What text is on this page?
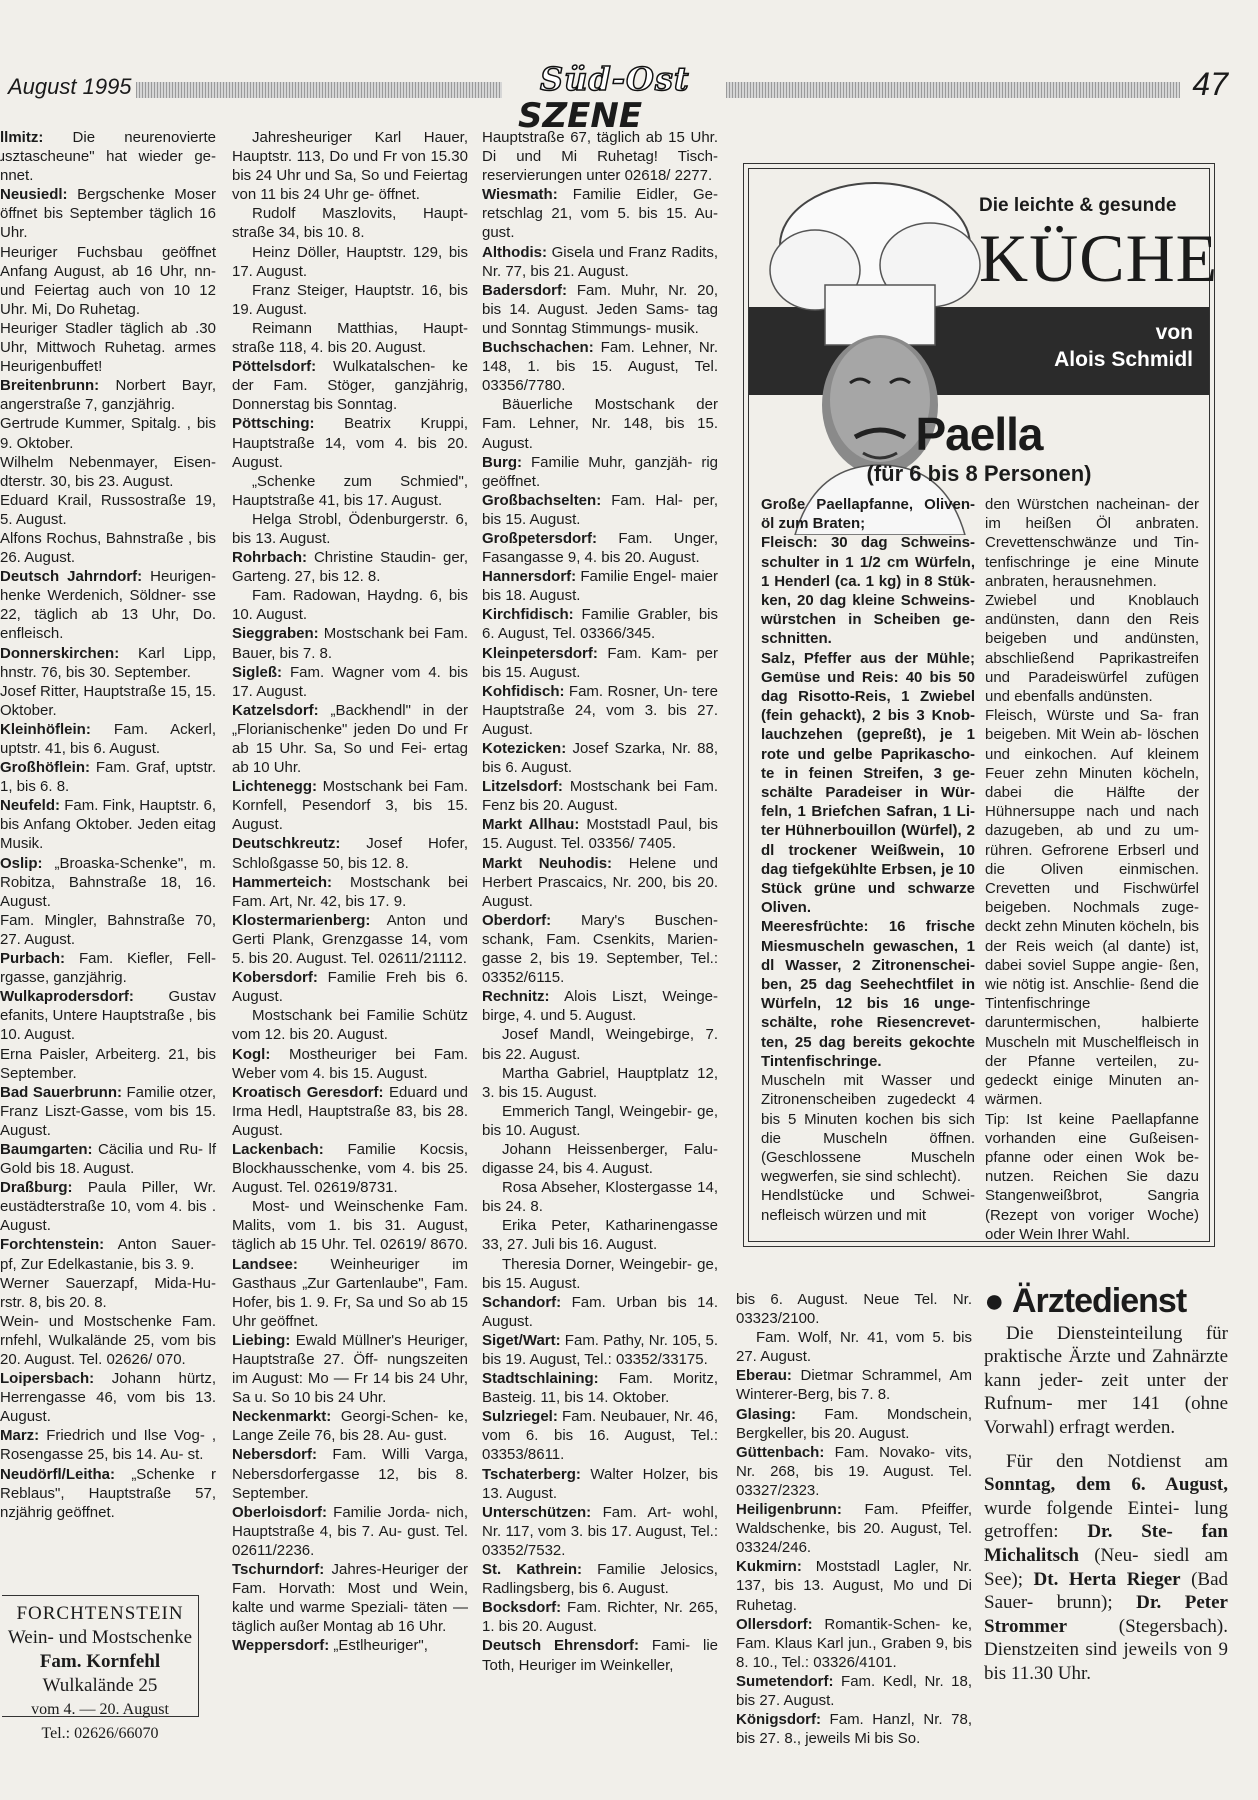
August 1995	47
Süd-Ost
SZENE

llmitz: Die neurenovierte ɹsztascheune" hat wieder ge- nnet.

Neusiedl: Bergschenke Moser öffnet bis September täglich 16 Uhr.

Heuriger Fuchsbau geöffnet Anfang August, ab 16 Uhr, nn- und Feiertag auch von 10 12 Uhr. Mi, Do Ruhetag.

Heuriger Stadler täglich ab .30 Uhr, Mittwoch Ruhetag. armes Heurigenbuffet!

Breitenbrunn: Norbert Bayr, angerstraße 7, ganzjährig.

Gertrude Kummer, Spitalg. , bis 9. Oktober.

Wilhelm Nebenmayer, Eisen- dterstr. 30, bis 23. August.

Eduard Krail, Russostraße 19, 5. August.

Alfons Rochus, Bahnstraße , bis 26. August.

Deutsch Jahrndorf: Heurigen- henke Werdenich, Söldner- sse 22, täglich ab 13 Uhr, Do. enfleisch.

Donnerskirchen: Karl Lipp, hnstr. 76, bis 30. September.

Josef Ritter, Hauptstraße 15, 15. Oktober.

Kleinhöflein: Fam. Ackerl, uptstr. 41, bis 6. August.

Großhöflein: Fam. Graf, uptstr. 1, bis 6. 8.

Neufeld: Fam. Fink, Hauptstr. 6, bis Anfang Oktober. Jeden eitag Musik.

Oslip: „Broaska-Schenke", m. Robitza, Bahnstraße 18, 16. August.

Fam. Mingler, Bahnstraße 70, 27. August.

Purbach: Fam. Kiefler, Fell- rgasse, ganzjährig.

Wulkaprodersdorf: Gustav efanits, Untere Hauptstraße , bis 10. August.

Erna Paisler, Arbeiterg. 21, bis September.

Bad Sauerbrunn: Familie otzer, Franz Liszt-Gasse, vom bis 15. August.

Baumgarten: Cäcilia und Ru- lf Gold bis 18. August.

Draßburg: Paula Piller, Wr. eustädterstraße 10, vom 4. bis . August.

Forchtenstein: Anton Sauer- pf, Zur Edelkastanie, bis 3. 9.

Werner Sauerzapf, Mida-Hu- rstr. 8, bis 20. 8.

Wein- und Mostschenke Fam. rnfehl, Wulkalände 25, vom bis 20. August. Tel. 02626/ 070.

Loipersbach: Johann hürtz, Herrengasse 46, vom bis 13. August.

Marz: Friedrich und Ilse Vog- , Rosengasse 25, bis 14. Au- st.

Neudörfl/Leitha: „Schenke r Reblaus", Hauptstraße 57, nzjährig geöffnet.

Jahresheuriger Karl Hauer, Hauptstr. 113, Do und Fr von 15.30 bis 24 Uhr und Sa, So und Feiertag von 11 bis 24 Uhr ge- öffnet.

Rudolf Maszlovits, Haupt- straße 34, bis 10. 8.

Heinz Döller, Hauptstr. 129, bis 17. August.

Franz Steiger, Hauptstr. 16, bis 19. August.

Reimann Matthias, Haupt- straße 118, 4. bis 20. August.

Pöttelsdorf: Wulkatalschen- ke der Fam. Stöger, ganzjährig, Donnerstag bis Sonntag.

Pöttsching: Beatrix Kruppi, Hauptstraße 14, vom 4. bis 20. August.

„Schenke zum Schmied", Hauptstraße 41, bis 17. August.

Helga Strobl, Ödenburgerstr. 6, bis 13. August.

Rohrbach: Christine Staudin- ger, Garteng. 27, bis 12. 8.

Fam. Radowan, Haydng. 6, bis 10. August.

Sieggraben: Mostschank bei Fam. Bauer, bis 7. 8.

Sigleß: Fam. Wagner vom 4. bis 17. August.

Katzelsdorf: „Backhendl" in der „Florianischenke" jeden Do und Fr ab 15 Uhr. Sa, So und Fei- ertag ab 10 Uhr.

Lichtenegg: Mostschank bei Fam. Kornfell, Pesendorf 3, bis 15. August.

Deutschkreutz: Josef Hofer, Schloßgasse 50, bis 12. 8.

Hammerteich: Mostschank bei Fam. Art, Nr. 42, bis 17. 9.

Klostermarienberg: Anton und Gerti Plank, Grenzgasse 14, vom 5. bis 20. August. Tel. 02611/21112.

Kobersdorf: Familie Freh bis 6. August.

Mostschank bei Familie Schütz vom 12. bis 20. August.

Kogl: Mostheuriger bei Fam. Weber vom 4. bis 15. August.

Kroatisch Geresdorf: Eduard und Irma Hedl, Hauptstraße 83, bis 28. August.

Lackenbach: Familie Kocsis, Blockhausschenke, vom 4. bis 25. August. Tel. 02619/8731.

Most- und Weinschenke Fam. Malits, vom 1. bis 31. August, täglich ab 15 Uhr. Tel. 02619/ 8670.

Landsee: Weinheuriger im Gasthaus „Zur Gartenlaube", Fam. Hofer, bis 1. 9. Fr, Sa und So ab 15 Uhr geöffnet.

Liebing: Ewald Müllner's Heuriger, Hauptstraße 27. Öff- nungszeiten im August: Mo — Fr 14 bis 24 Uhr, Sa u. So 10 bis 24 Uhr.

Neckenmarkt: Georgi-Schen- ke, Lange Zeile 76, bis 28. Au- gust.

Nebersdorf: Fam. Willi Varga, Nebersdorfergasse 12, bis 8. September.

Oberloisdorf: Familie Jorda- nich, Hauptstraße 4, bis 7. Au- gust. Tel. 02611/2236.

Tschurndorf: Jahres-Heuriger der Fam. Horvath: Most und Wein, kalte und warme Speziali- täten — täglich außer Montag ab 16 Uhr.

Weppersdorf: „Estlheuriger",

Hauptstraße 67, täglich ab 15 Uhr. Di und Mi Ruhetag! Tisch- reservierungen unter 02618/ 2277.

Wiesmath: Familie Eidler, Ge- retschlag 21, vom 5. bis 15. Au- gust.

Althodis: Gisela und Franz Radits, Nr. 77, bis 21. August.

Badersdorf: Fam. Muhr, Nr. 20, bis 14. August. Jeden Sams- tag und Sonntag Stimmungs- musik.

Buchschachen: Fam. Lehner, Nr. 148, 1. bis 15. August, Tel. 03356/7780.

Bäuerliche Mostschank der Fam. Lehner, Nr. 148, bis 15. August.

Burg: Familie Muhr, ganzjäh- rig geöffnet.

Großbachselten: Fam. Hal- per, bis 15. August.

Großpetersdorf: Fam. Unger, Fasangasse 9, 4. bis 20. August.

Hannersdorf: Familie Engel- maier bis 18. August.

Kirchfidisch: Familie Grabler, bis 6. August, Tel. 03366/345.

Kleinpetersdorf: Fam. Kam- per bis 15. August.

Kohfidisch: Fam. Rosner, Un- tere Hauptstraße 24, vom 3. bis 27. August.

Kotezicken: Josef Szarka, Nr. 88, bis 6. August.

Litzelsdorf: Mostschank bei Fam. Fenz bis 20. August.

Markt Allhau: Moststadl Paul, bis 15. August. Tel. 03356/ 7405.

Markt Neuhodis: Helene und Herbert Prascaics, Nr. 200, bis 20. August.

Oberdorf: Mary's Buschen- schank, Fam. Csenkits, Marien- gasse 2, bis 19. September, Tel.: 03352/6115.

Rechnitz: Alois Liszt, Weinge- birge, 4. und 5. August.

Josef Mandl, Weingebirge, 7. bis 22. August.

Martha Gabriel, Hauptplatz 12, 3. bis 15. August.

Emmerich Tangl, Weingebir- ge, bis 10. August.

Johann Heissenberger, Falu- digasse 24, bis 4. August.

Rosa Abseher, Klostergasse 14, bis 24. 8.

Erika Peter, Katharinengasse 33, 27. Juli bis 16. August.

Theresia Dorner, Weingebir- ge, bis 15. August.

Schandorf: Fam. Urban bis 14. August.

Siget/Wart: Fam. Pathy, Nr. 105, 5. bis 19. August, Tel.: 03352/33175.

Stadtschlaining: Fam. Moritz, Basteig. 11, bis 14. Oktober.

Sulzriegel: Fam. Neubauer, Nr. 46, vom 6. bis 16. August, Tel.: 03353/8611.

Tschaterberg: Walter Holzer, bis 13. August.

Unterschützen: Fam. Art- wohl, Nr. 117, vom 3. bis 17. August, Tel.: 03352/7532.

St. Kathrein: Familie Jelosics, Radlingsberg, bis 6. August.

Bocksdorf: Fam. Richter, Nr. 265, 1. bis 20. August.

Deutsch Ehrensdorf: Fami- lie Toth, Heuriger im Weinkeller,

bis 6. August. Neue Tel. Nr. 03323/2100.

Fam. Wolf, Nr. 41, vom 5. bis 27. August.

Eberau: Dietmar Schrammel, Am Winterer-Berg, bis 7. 8.

Glasing: Fam. Mondschein, Bergkeller, bis 20. August.

Güttenbach: Fam. Novako- vits, Nr. 268, bis 19. August. Tel. 03327/2323.

Heiligenbrunn: Fam. Pfeiffer, Waldschenke, bis 20. August, Tel. 03324/246.

Kukmirn: Moststadl Lagler, Nr. 137, bis 13. August, Mo und Di Ruhetag.

Ollersdorf: Romantik-Schen- ke, Fam. Klaus Karl jun., Graben 9, bis 8. 10., Tel.: 03326/4101.

Sumetendorf: Fam. Kedl, Nr. 18, bis 27. August.

Königsdorf: Fam. Hanzl, Nr. 78, bis 27. 8., jeweils Mi bis So.

FORCHTENSTEIN
Wein- und Mostschenke
Fam. Kornfehl
Wulkalände 25
vom 4. — 20. August
Tel.: 02626/66070
Die leichte & gesunde
KÜCHE
von
Alois Schmidl
Paella
(für 6 bis 8 Personen)

Große Paellapfanne, Oliven- öl zum Braten;

Fleisch: 30 dag Schweins- schulter in 1 1/2 cm Würfeln, 1 Henderl (ca. 1 kg) in 8 Stük- ken, 20 dag kleine Schweins- würstchen in Scheiben ge- schnitten.

Salz, Pfeffer aus der Mühle; Gemüse und Reis: 40 bis 50 dag Risotto-Reis, 1 Zwiebel (fein gehackt), 2 bis 3 Knob- lauchzehen (gepreßt), je 1 rote und gelbe Paprikascho- te in feinen Streifen, 3 ge- schälte Paradeiser in Wür- feln, 1 Briefchen Safran, 1 Li- ter Hühnerbouillon (Würfel), 2 dl trockener Weißwein, 10 dag tiefgekühlte Erbsen, je 10 Stück grüne und schwarze Oliven.

Meeresfrüchte: 16 frische Miesmuscheln gewaschen, 1 dl Wasser, 2 Zitronenschei- ben, 25 dag Seehechtfilet in Würfeln, 12 bis 16 unge- schälte, rohe Riesencrevet- ten, 25 dag bereits gekochte Tintenfischringe.

Muscheln mit Wasser und Zitronenscheiben zugedeckt 4 bis 5 Minuten kochen bis sich die Muscheln öffnen. (Geschlossene Muscheln wegwerfen, sie sind schlecht).

Hendlstücke und Schwei- nefleisch würzen und mit

den Würstchen nacheinan- der im heißen Öl anbraten. Crevettenschwänze und Tin- tenfischringe je eine Minute anbraten, herausnehmen.

Zwiebel und Knoblauch andünsten, dann den Reis beigeben und andünsten, abschließend Paprikastreifen und Paradeiswürfel zufügen und ebenfalls andünsten.

Fleisch, Würste und Sa- fran beigeben. Mit Wein ab- löschen und einkochen. Auf kleinem Feuer zehn Minuten köcheln, dabei die Hälfte der Hühnersuppe nach und nach dazugeben, ab und zu um- rühren. Gefrorene Erbserl und die Oliven einmischen. Crevetten und Fischwürfel beigeben. Nochmals zuge- deckt zehn Minuten köcheln, bis der Reis weich (al dante) ist, dabei soviel Suppe angie- ßen, wie nötig ist. Anschlie- ßend die Tintenfischringe daruntermischen, halbierte Muscheln mit Muschelfleisch in der Pfanne verteilen, zu- gedeckt einige Minuten an- wärmen.

Tip: Ist keine Paellapfanne vorhanden eine Gußeisen- pfanne oder einen Wok be- nutzen. Reichen Sie dazu Stangenweißbrot, Sangria (Rezept von voriger Woche) oder Wein Ihrer Wahl.

● Ärztedienst

Die Diensteinteilung für praktische Ärzte und Zahnärzte kann jeder- zeit unter der Rufnum- mer 141 (ohne Vorwahl) erfragt werden.

Für den Notdienst am Sonntag, dem 6. August, wurde folgende Eintei- lung getroffen: Dr. Ste- fan Michalitsch (Neu- siedl am See); Dt. Herta Rieger (Bad Sauer- brunn); Dr. Peter Strommer (Stegersbach). Dienstzeiten sind jeweils von 9 bis 11.30 Uhr.
